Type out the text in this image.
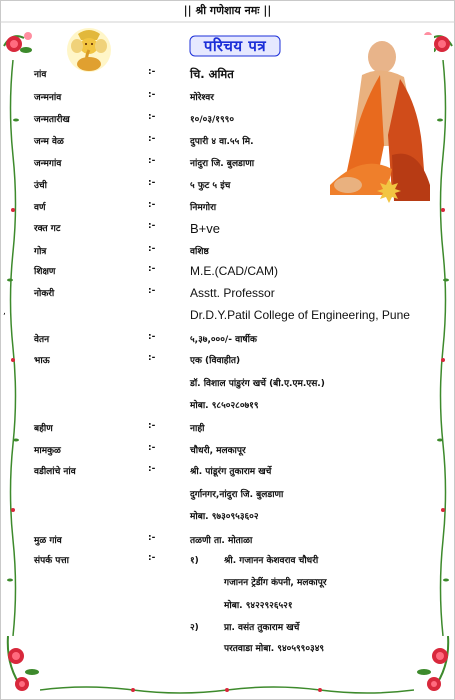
|| श्री गणेशाय नमः ||
परिचय पत्र
,
नांव	:-	चि. अमित
जन्मनांव	:-	मोरेश्वर
जन्मतारीख	:-	१०/०३/१९९०
जन्म वेळ	:-	दुपारी ४ वा.५५ मि.
जन्मगांव	:-	नांदुरा जि. बुलडाणा
उंची	:-	५ फुट ५ इंच
वर्ण	:-	निमगोरा
रक्त गट	:-	B+ve
गोत्र	:-	वशिष्ठ
शिक्षण	:-	M.E.(CAD/CAM)
नोकरी	:-	Asstt. Professor
Dr.D.Y.Patil College of Engineering, Pune
वेतन	:-	५,३७,०००/- वार्षीक
भाऊ	:-	एक (विवाहीत)
डॉ. विशाल पांडुरंग खर्चे (बी.ए.एम.एस.)
मोबा. ९८५०२८०७१९
बहीण	:-	नाही
मामकुळ	:-	चौधरी, मलकापूर
वडीलांचे नांव	:-	श्री. पांडूरंग तुकाराम खर्चे
दुर्गानगर,नांदुरा जि. बुलडाणा
मोबा. ९७३०९५३६०२
मुळ गांव	:-	तळणी ता. मोताळा
संपर्क पत्ता	:-	१)	श्री. गजानन केशवराव चौधरी
गजानन ट्रेडींग कंपनी, मलकापूर
मोबा. ९४२२९२६५२१
२)	प्रा. वसंत तुकाराम खर्चे
परतवाडा मोबा. ९४०५९९०३४९
